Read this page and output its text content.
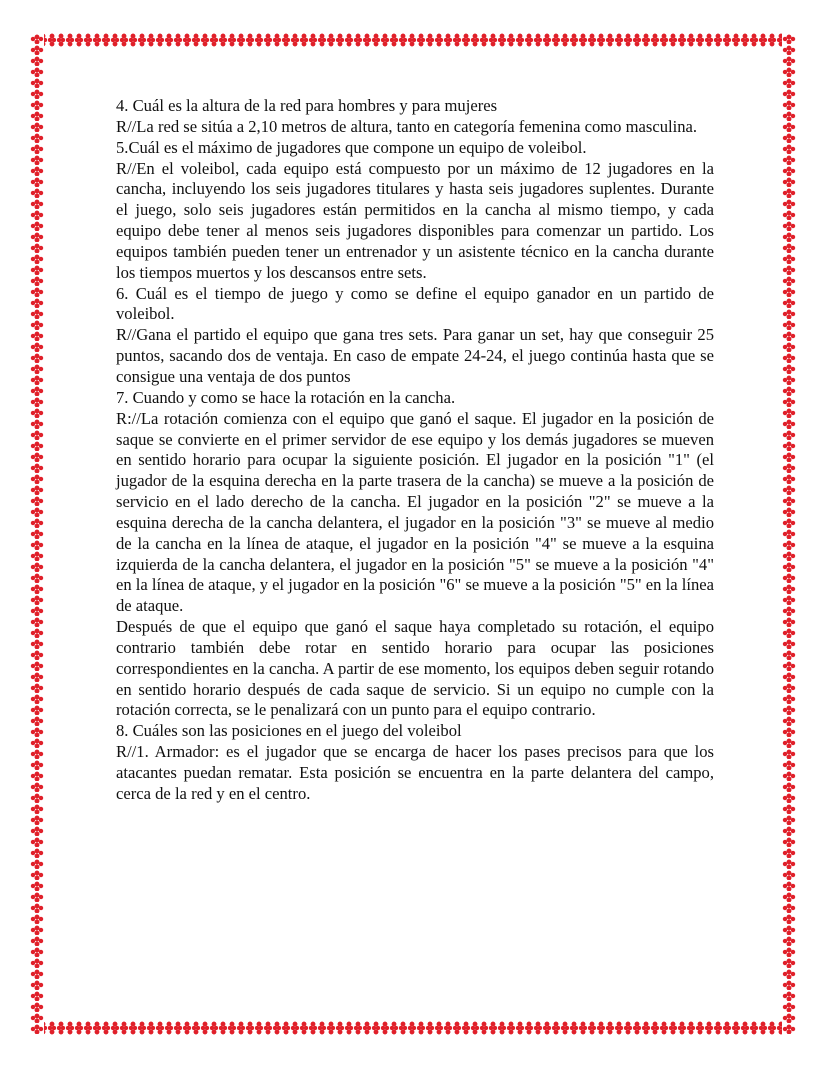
4. Cuál es la altura de la red para hombres y para mujeres

R//La red se sitúa a 2,10 metros de altura, tanto en categoría femenina como masculina.

5.Cuál es el máximo de jugadores que compone un equipo de voleibol.

R//En el voleibol, cada equipo está compuesto por un máximo de 12 jugadores en la cancha, incluyendo los seis jugadores titulares y hasta seis jugadores suplentes. Durante el juego, solo seis jugadores están permitidos en la cancha al mismo tiempo, y cada equipo debe tener al menos seis jugadores disponibles para comenzar un partido. Los equipos también pueden tener un entrenador y un asistente técnico en la cancha durante los tiempos muertos y los descansos entre sets.

6. Cuál es el tiempo de juego y como se define el equipo ganador en un partido de voleibol.

R//Gana el partido el equipo que gana tres sets. Para ganar un set, hay que conseguir 25 puntos, sacando dos de ventaja. En caso de empate 24-24, el juego continúa hasta que se consigue una ventaja de dos puntos

7. Cuando y como se hace la rotación en la cancha.

R://La rotación comienza con el equipo que ganó el saque. El jugador en la posición de saque se convierte en el primer servidor de ese equipo y los demás jugadores se mueven en sentido horario para ocupar la siguiente posición. El jugador en la posición "1" (el jugador de la esquina derecha en la parte trasera de la cancha) se mueve a la posición de servicio en el lado derecho de la cancha. El jugador en la posición "2" se mueve a la esquina derecha de la cancha delantera, el jugador en la posición "3" se mueve al medio de la cancha en la línea de ataque, el jugador en la posición "4" se mueve a la esquina izquierda de la cancha delantera, el jugador en la posición "5" se mueve a la posición "4" en la línea de ataque, y el jugador en la posición "6" se mueve a la posición "5" en la línea de ataque.

Después de que el equipo que ganó el saque haya completado su rotación, el equipo contrario también debe rotar en sentido horario para ocupar las posiciones correspondientes en la cancha. A partir de ese momento, los equipos deben seguir rotando en sentido horario después de cada saque de servicio. Si un equipo no cumple con la rotación correcta, se le penalizará con un punto para el equipo contrario.

8. Cuáles son las posiciones en el juego del voleibol

R//1. Armador: es el jugador que se encarga de hacer los pases precisos para que los atacantes puedan rematar. Esta posición se encuentra en la parte delantera del campo, cerca de la red y en el centro.
